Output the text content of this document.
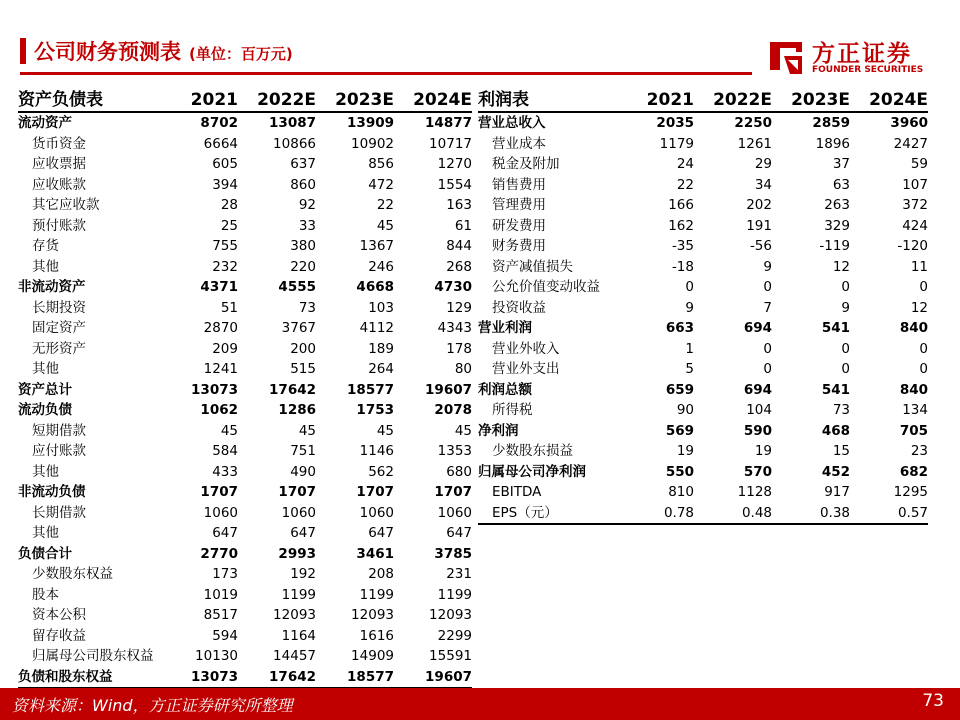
公司财务预测表 (单位：百万元)	方正证券
FOUNDER SECURITIES
资产负债表	2021	2022E	2023E	2024E
流动资产	8702	13087	13909	14877
货币资金	6664	10866	10902	10717
应收票据	605	637	856	1270
应收账款	394	860	472	1554
其它应收款	28	92	22	163
预付账款	25	33	45	61
存货	755	380	1367	844
其他	232	220	246	268
非流动资产	4371	4555	4668	4730
长期投资	51	73	103	129
固定资产	2870	3767	4112	4343
无形资产	209	200	189	178
其他	1241	515	264	80
资产总计	13073	17642	18577	19607
流动负债	1062	1286	1753	2078
短期借款	45	45	45	45
应付账款	584	751	1146	1353
其他	433	490	562	680
非流动负债	1707	1707	1707	1707
长期借款	1060	1060	1060	1060
其他	647	647	647	647
负债合计	2770	2993	3461	3785
少数股东权益	173	192	208	231
股本	1019	1199	1199	1199
资本公积	8517	12093	12093	12093
留存收益	594	1164	1616	2299
归属母公司股东权益	10130	14457	14909	15591
负债和股东权益	13073	17642	18577	19607
利润表	2021	2022E	2023E	2024E
营业总收入	2035	2250	2859	3960
营业成本	1179	1261	1896	2427
税金及附加	24	29	37	59
销售费用	22	34	63	107
管理费用	166	202	263	372
研发费用	162	191	329	424
财务费用	-35	-56	-119	-120
资产减值损失	-18	9	12	11
公允价值变动收益	0	0	0	0
投资收益	9	7	9	12
营业利润	663	694	541	840
营业外收入	1	0	0	0
营业外支出	5	0	0	0
利润总额	659	694	541	840
所得税	90	104	73	134
净利润	569	590	468	705
少数股东损益	19	19	15	23
归属母公司净利润	550	570	452	682
EBITDA	810	1128	917	1295
EPS（元）	0.78	0.48	0.38	0.57
资料来源：Wind，方正证券研究所整理	73
